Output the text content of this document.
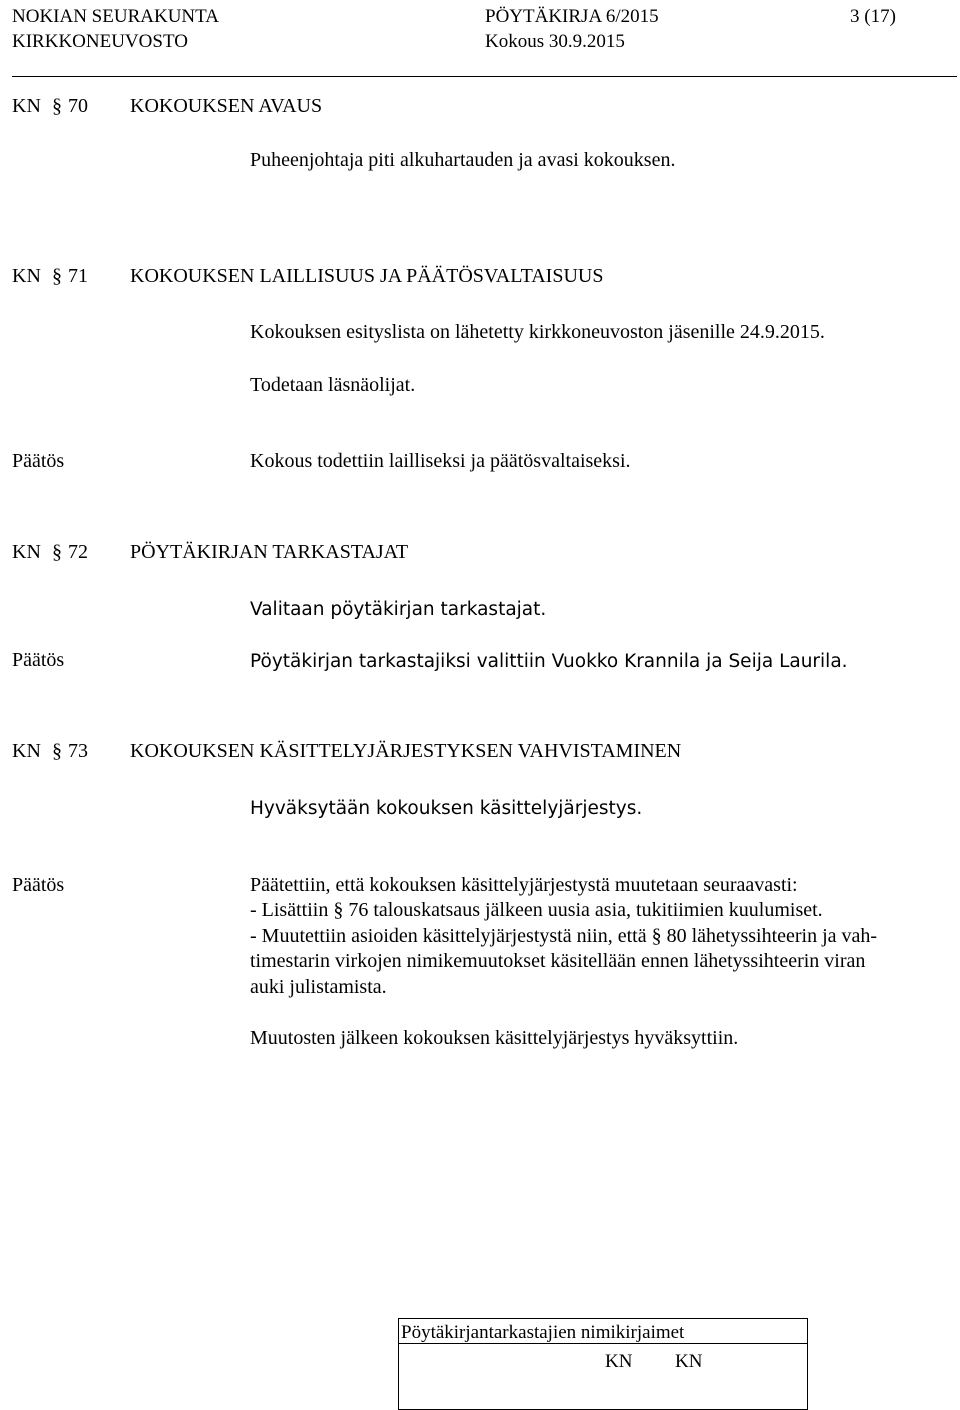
NOKIAN SEURAKUNTA
KIRKKONEUVOSTO
PÖYTÄKIRJA 6/2015
Kokous 30.9.2015
3 (17)
KN § 70 KOKOUKSEN AVAUS
Puheenjohtaja piti alkuhartauden ja avasi kokouksen.
KN § 71 KOKOUKSEN LAILLISUUS JA PÄÄTÖSVALTAISUUS
Kokouksen esityslista on lähetetty kirkkoneuvoston jäsenille 24.9.2015.
Todetaan läsnäolijat.
Päätös	Kokous todettiin lailliseksi ja päätösvaltaiseksi.
KN § 72 PÖYTÄKIRJAN TARKASTAJAT
Valitaan pöytäkirjan tarkastajat.
Päätös	Pöytäkirjan tarkastajiksi valittiin Vuokko Krannila ja Seija Laurila.
KN § 73 KOKOUKSEN KÄSITTELYJÄRJESTYKSEN VAHVISTAMINEN
Hyväksytään kokouksen käsittelyjärjestys.
Päätös	Päätettiin, että kokouksen käsittelyjärjestystä muutetaan seuraavasti:
- Lisättiin § 76 talouskatsaus jälkeen uusia asia, tukitiimien kuulumiset.
- Muutettiin asioiden käsittelyjärjestystä niin, että § 80 lähetyssihteerin ja vah-
timestarin virkojen nimikemuutokset käsitellään ennen lähetyssihteerin viran
auki julistamista.
Muutosten jälkeen kokouksen käsittelyjärjestys hyväksyttiin.
Pöytäkirjantarkastajien nimikirjaimet
KN KN
